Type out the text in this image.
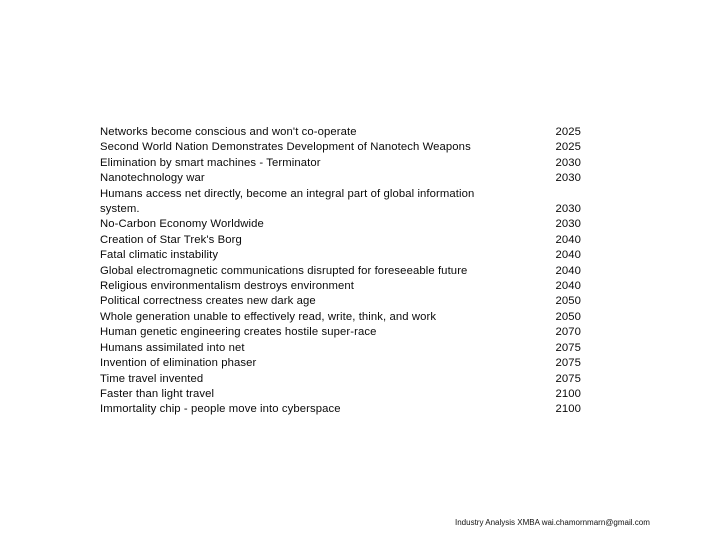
Networks become conscious and won't co-operate	2025
Second World Nation Demonstrates Development of Nanotech Weapons	2025
Elimination by smart machines - Terminator	2030
Nanotechnology war	2030
Humans access net directly, become an integral part of global information system.	2030
No-Carbon Economy Worldwide	2030
Creation of Star Trek's Borg	2040
Fatal climatic instability	2040
Global electromagnetic communications disrupted for foreseeable future	2040
Religious environmentalism destroys environment	2040
Political correctness creates new dark age	2050
Whole generation unable to effectively read, write, think, and work	2050
Human genetic engineering creates hostile super-race	2070
Humans assimilated into net	2075
Invention of elimination phaser	2075
Time travel invented	2075
Faster than light travel	2100
Immortality chip - people move into cyberspace	2100
Industry Analysis XMBA wai.chamornmarn@gmail.com
